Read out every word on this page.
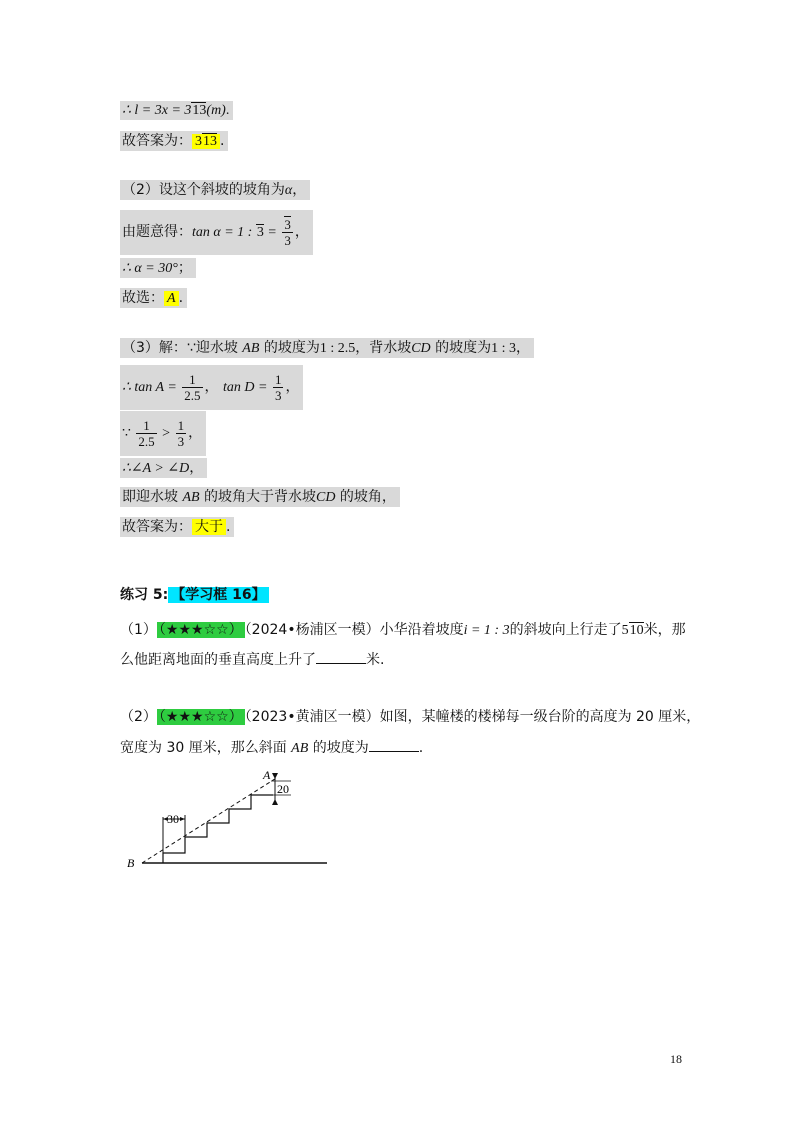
∴ l = 3x = 313(m).
故答案为： 313 .
（2）设这个斜坡的坡角为α，
由题意得：tan α = 1 : $3 = \frac{3}{3}$ ，
∴ α = 30°；
故选： A .
（3）解：∵迎水坡 AB 的坡度为1 : 2.5，背水坡CD 的坡度为1 : 3，
∴ $\tan A = \frac{1}{2.5}$ ， $\tan D = \frac{1}{3}$ ，
∵ $\frac{1}{2.5} > \frac{1}{3}$ ，
∴∠A > ∠D，
即迎水坡 AB 的坡角大于背水坡CD 的坡角，
故答案为： 大于 .
练习 5: 【学习框 16】
（1） （★★★☆☆） （2024•杨浦区一模）小华沿着坡度i = 1 : 3的斜坡向上行走了510米，那
么他距离地面的垂直高度上升了	米.
（2） （★★★☆☆） （2023•黄浦区一模）如图，某幢楼的楼梯每一级台阶的高度为 20 厘米，
宽度为 30 厘米，那么斜面 AB 的坡度为	.
30
20
A
B
18
